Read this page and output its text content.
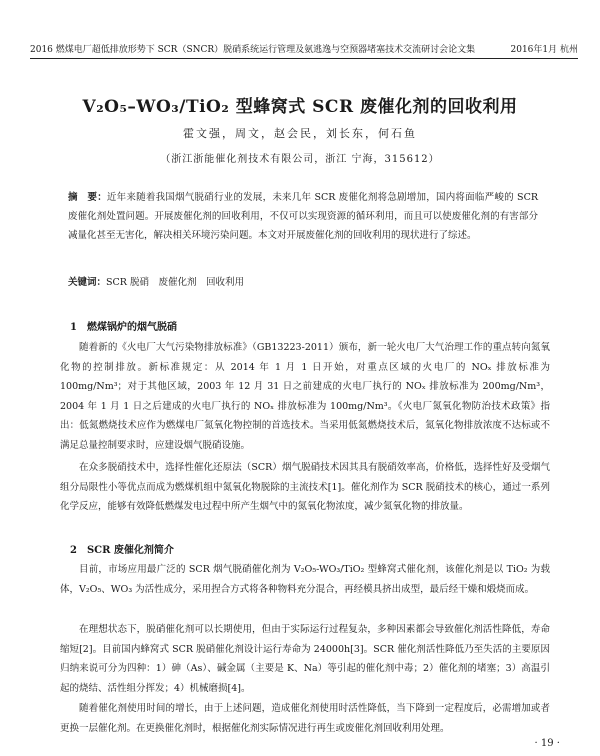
2016 燃煤电厂超低排放形势下 SCR（SNCR）脱硝系统运行管理及氨逃逸与空预器堵塞技术交流研讨会论文集	2016年1月 杭州
V₂O₅–WO₃/TiO₂ 型蜂窝式 SCR 废催化剂的回收利用
霍文强，周文，赵会民，刘长东，何石鱼
（浙江浙能催化剂技术有限公司，浙江 宁海，315612）
摘　要：近年来随着我国烟气脱硝行业的发展，未来几年 SCR 废催化剂将急剧增加，国内将面临严峻的 SCR 废催化剂处置问题。开展废催化剂的回收利用，不仅可以实现资源的循环利用，而且可以使废催化剂的有害部分减量化甚至无害化，解决相关环境污染问题。本文对开展废催化剂的回收利用的现状进行了综述。
关键词：SCR 脱硝　废催化剂　回收利用
1　燃煤锅炉的烟气脱硝
随着新的《火电厂大气污染物排放标准》（GB13223-2011）颁布，新一轮火电厂大气治理工作的重点转向氮氧化物的控制排放。新标准规定：从 2014 年 1 月 1 日开始，对重点区域的火电厂的 NOₓ 排放标准为 100mg/Nm³；对于其他区域，2003 年 12 月 31 日之前建成的火电厂执行的 NOₓ 排放标准为 200mg/Nm³，2004 年 1 月 1 日之后建成的火电厂执行的 NOₓ 排放标准为 100mg/Nm³。《火电厂氮氧化物防治技术政策》指出：低氮燃烧技术应作为燃煤电厂氮氧化物控制的首选技术。当采用低氮燃烧技术后，氮氧化物排放浓度不达标或不满足总量控制要求时，应建设烟气脱硝设施。
在众多脱硝技术中，选择性催化还原法（SCR）烟气脱硝技术因其具有脱硝效率高，价格低，选择性好及受烟气组分局限性小等优点而成为燃煤机组中氮氧化物脱除的主流技术[1]。催化剂作为 SCR 脱硝技术的核心，通过一系列化学反应，能够有效降低燃煤发电过程中所产生烟气中的氮氧化物浓度，减少氮氧化物的排放量。
2　SCR 废催化剂简介
目前，市场应用最广泛的 SCR 烟气脱硝催化剂为 V₂O₅-WO₃/TiO₂ 型蜂窝式催化剂，该催化剂是以 TiO₂ 为载体，V₂O₅、WO₃ 为活性成分，采用捏合方式将各种物料充分混合，再经模具挤出成型，最后经干燥和煅烧而成。
在理想状态下，脱硝催化剂可以长期使用，但由于实际运行过程复杂，多种因素都会导致催化剂活性降低，寿命缩短[2]。目前国内蜂窝式 SCR 脱硝催化剂设计运行寿命为 24000h[3]。SCR 催化剂活性降低乃至失活的主要原因归纳来说可分为四种：1）砷（As）、碱金属（主要是 K、Na）等引起的催化剂中毒；2）催化剂的堵塞；3）高温引起的烧结、活性组分挥发；4）机械磨损[4]。
随着催化剂使用时间的增长，由于上述问题，造成催化剂使用时活性降低，当下降到一定程度后，必需增加或者更换一层催化剂。在更换催化剂时，根据催化剂实际情况进行再生或废催化剂回收利用处理。
· 19 ·
